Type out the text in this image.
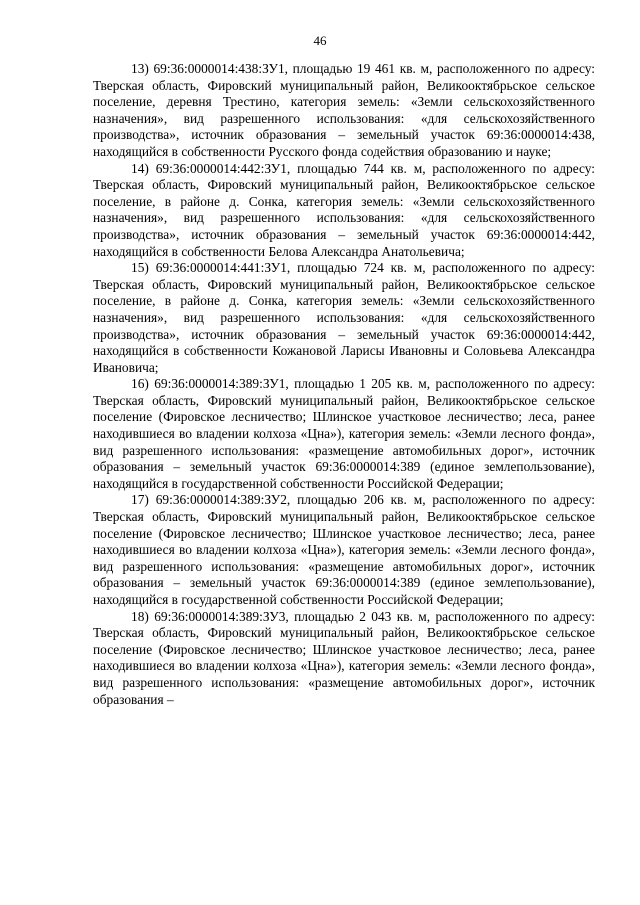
46

13) 69:36:0000014:438:ЗУ1, площадью 19 461 кв. м, расположенного по адресу: Тверская область, Фировский муниципальный район, Великооктябрьское сельское поселение, деревня Трестино, категория земель: «Земли сельскохозяйственного назначения», вид разрешенного использования: «для сельскохозяйственного производства», источник образования – земельный участок 69:36:0000014:438, находящийся в собственности Русского фонда содействия образованию и науке;

14) 69:36:0000014:442:ЗУ1, площадью 744 кв. м, расположенного по адресу: Тверская область, Фировский муниципальный район, Великооктябрьское сельское поселение, в районе д. Сонка, категория земель: «Земли сельскохозяйственного назначения», вид разрешенного использования: «для сельскохозяйственного производства», источник образования – земельный участок 69:36:0000014:442, находящийся в собственности Белова Александра Анатольевича;

15) 69:36:0000014:441:ЗУ1, площадью 724 кв. м, расположенного по адресу: Тверская область, Фировский муниципальный район, Великооктябрьское сельское поселение, в районе д. Сонка, категория земель: «Земли сельскохозяйственного назначения», вид разрешенного использования: «для сельскохозяйственного производства», источник образования – земельный участок 69:36:0000014:442, находящийся в собственности Кожановой Ларисы Ивановны и Соловьева Александра Ивановича;

16) 69:36:0000014:389:ЗУ1, площадью 1 205 кв. м, расположенного по адресу: Тверская область, Фировский муниципальный район, Великооктябрьское сельское поселение (Фировское лесничество; Шлинское участковое лесничество; леса, ранее находившиеся во владении колхоза «Цна»), категория земель: «Земли лесного фонда», вид разрешенного использования: «размещение автомобильных дорог», источник образования – земельный участок 69:36:0000014:389 (единое землепользование), находящийся в государственной собственности Российской Федерации;

17) 69:36:0000014:389:ЗУ2, площадью 206 кв. м, расположенного по адресу: Тверская область, Фировский муниципальный район, Великооктябрьское сельское поселение (Фировское лесничество; Шлинское участковое лесничество; леса, ранее находившиеся во владении колхоза «Цна»), категория земель: «Земли лесного фонда», вид разрешенного использования: «размещение автомобильных дорог», источник образования – земельный участок 69:36:0000014:389 (единое землепользование), находящийся в государственной собственности Российской Федерации;

18) 69:36:0000014:389:ЗУ3, площадью 2 043 кв. м, расположенного по адресу: Тверская область, Фировский муниципальный район, Великооктябрьское сельское поселение (Фировское лесничество; Шлинское участковое лесничество; леса, ранее находившиеся во владении колхоза «Цна»), категория земель: «Земли лесного фонда», вид разрешенного использования: «размещение автомобильных дорог», источник образования –
